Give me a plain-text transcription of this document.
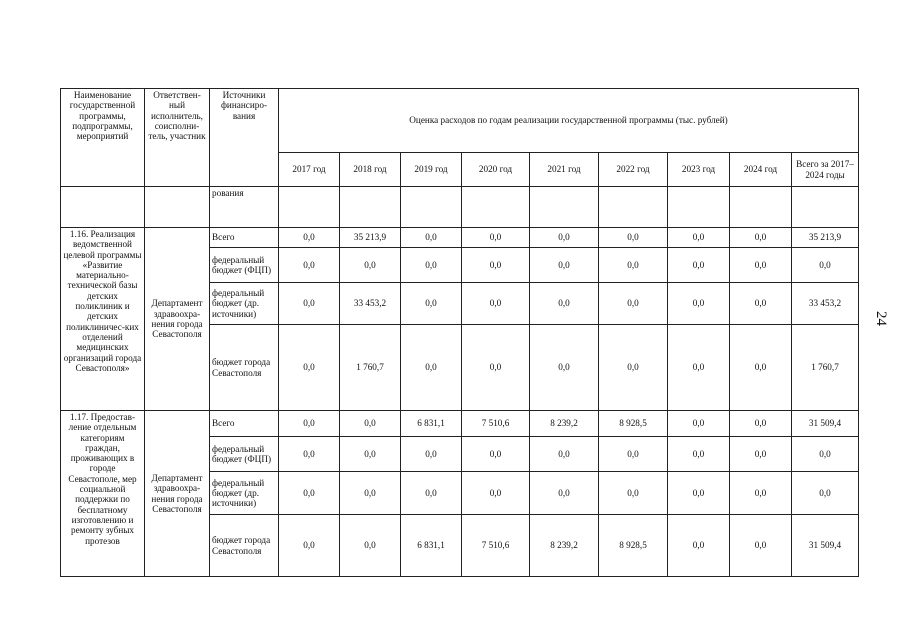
Наименование государственной программы, подпрограммы, мероприятий	Ответствен-ный исполнитель, соисполни-тель, участник	Источники финансиро-вания	Оценка расходов по годам реализации государственной программы (тыс. рублей)								
			2017 год	2018 год	2019 год	2020 год	2021 год	2022 год	2023 год	2024 год	Всего за 2017–2024 годы
		рования									
1.16. Реализация ведомственной целевой программы «Развитие материально-технической базы детских поликлиник и детских поликлиничес-ких отделений медицинских организаций города Севастополя»	Департамент здравоохра-нения города Севастополя	Всего	0,0	35 213,9	0,0	0,0	0,0	0,0	0,0	0,0	35 213,9
		федеральный бюджет (ФЦП)	0,0	0,0	0,0	0,0	0,0	0,0	0,0	0,0	0,0
		федеральный бюджет (др. источники)	0,0	33 453,2	0,0	0,0	0,0	0,0	0,0	0,0	33 453,2
		бюджет города Севастополя	0,0	1 760,7	0,0	0,0	0,0	0,0	0,0	0,0	1 760,7
1.17. Предостав-ление отдельным категориям граждан, проживающих в городе Севастополе, мер социальной поддержки по бесплатному изготовлению и ремонту зубных протезов	Департамент здравоохра-нения города Севастополя	Всего	0,0	0,0	6 831,1	7 510,6	8 239,2	8 928,5	0,0	0,0	31 509,4
		федеральный бюджет (ФЦП)	0,0	0,0	0,0	0,0	0,0	0,0	0,0	0,0	0,0
		федеральный бюджет (др. источники)	0,0	0,0	0,0	0,0	0,0	0,0	0,0	0,0	0,0
		бюджет города Севастополя	0,0	0,0	6 831,1	7 510,6	8 239,2	8 928,5	0,0	0,0	31 509,4
24
